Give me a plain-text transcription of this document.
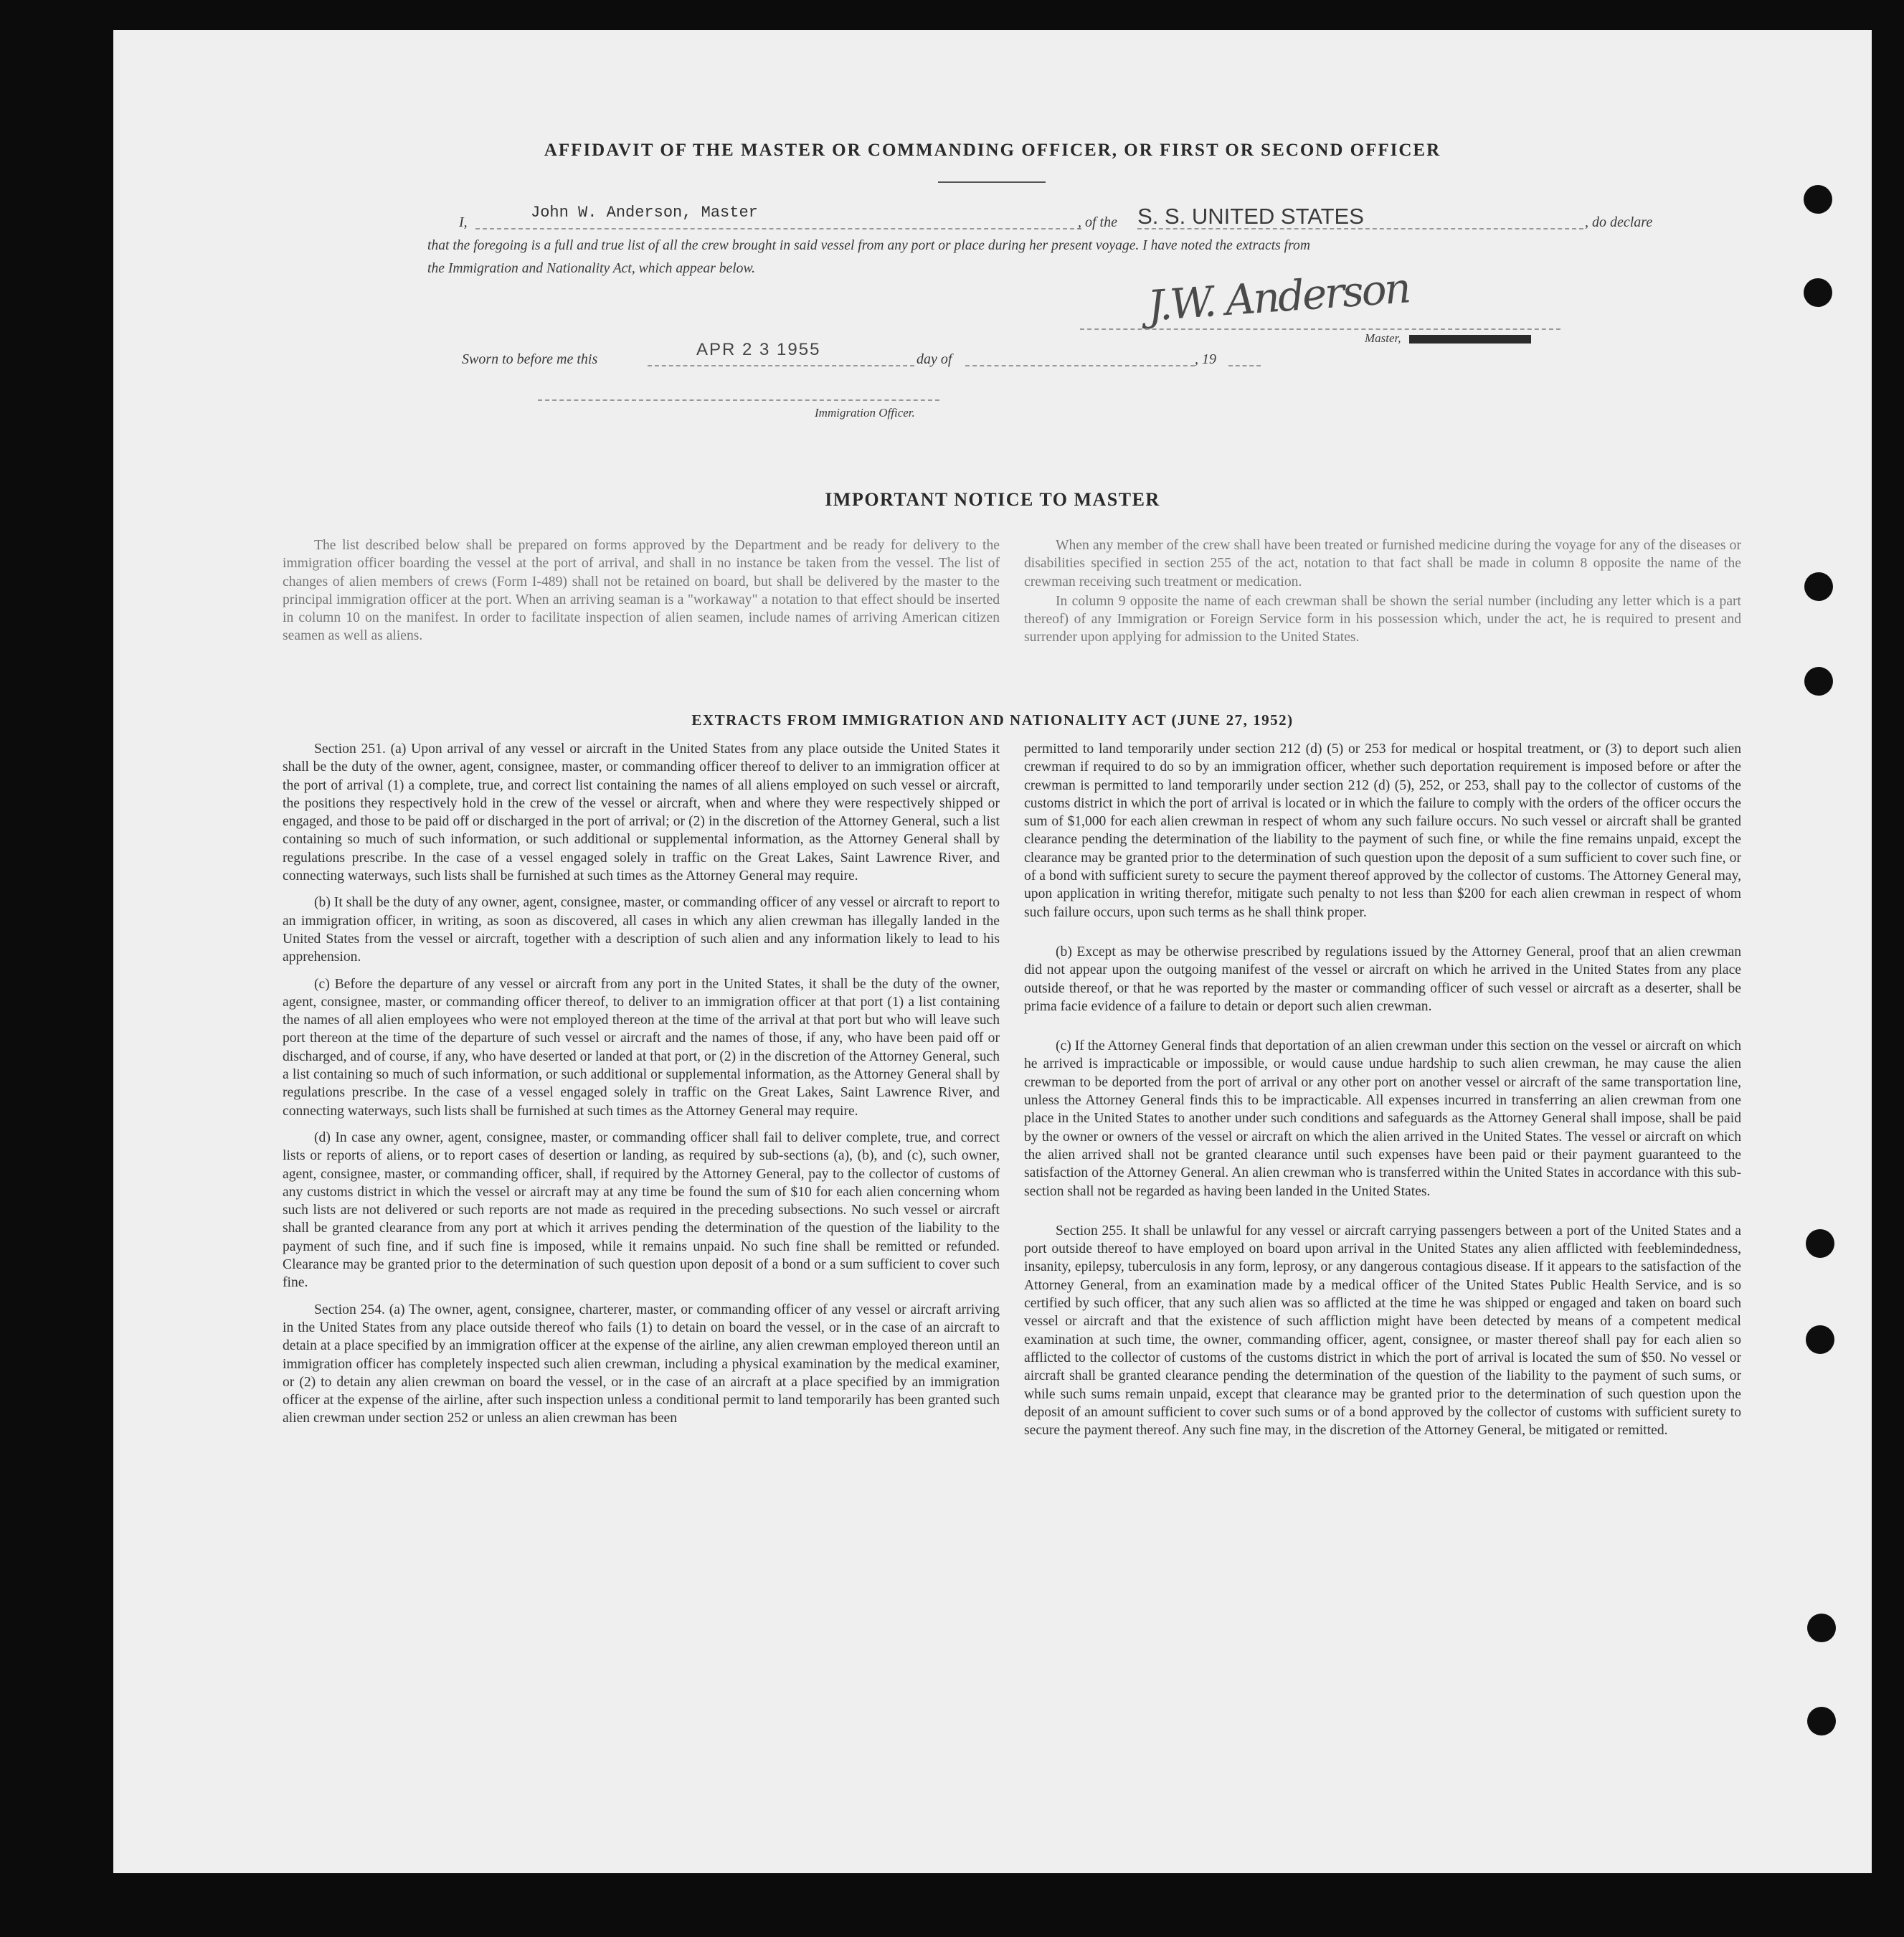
AFFIDAVIT OF THE MASTER OR COMMANDING OFFICER, OR FIRST OR SECOND OFFICER
I,
John W. Anderson, Master
, of the S. S. UNITED STATES	, do declare
that the foregoing is a full and true list of all the crew brought in said vessel from any port or place during her present voyage. I have noted the extracts from
the Immigration and Nationality Act, which appear below.	J.W. Anderson
Master,
Sworn to before me this	APR 2 3 1955	day of	, 19
Immigration Officer.
IMPORTANT NOTICE TO MASTER

The list described below shall be prepared on forms approved by the Department and be ready for delivery to the immigration officer boarding the vessel at the port of arrival, and shall in no instance be taken from the vessel. The list of changes of alien members of crews (Form I-489) shall not be retained on board, but shall be delivered by the master to the principal immigration officer at the port. When an arriving seaman is a "workaway" a notation to that effect should be inserted in column 10 on the manifest. In order to facilitate inspection of alien seamen, include names of arriving American citizen seamen as well as aliens.

When any member of the crew shall have been treated or furnished medicine during the voyage for any of the diseases or disabilities specified in section 255 of the act, notation to that fact shall be made in column 8 opposite the name of the crewman receiving such treatment or medication.

In column 9 opposite the name of each crewman shall be shown the serial number (including any letter which is a part thereof) of any Immigration or Foreign Service form in his possession which, under the act, he is required to present and surrender upon applying for admission to the United States.

EXTRACTS FROM IMMIGRATION AND NATIONALITY ACT (JUNE 27, 1952)

Section 251. (a) Upon arrival of any vessel or aircraft in the United States from any place outside the United States it shall be the duty of the owner, agent, consignee, master, or commanding officer thereof to deliver to an immigration officer at the port of arrival (1) a complete, true, and correct list containing the names of all aliens employed on such vessel or aircraft, the positions they respectively hold in the crew of the vessel or aircraft, when and where they were respectively shipped or engaged, and those to be paid off or discharged in the port of arrival; or (2) in the discretion of the Attorney General, such a list containing so much of such information, or such additional or supplemental information, as the Attorney General shall by regulations prescribe. In the case of a vessel engaged solely in traffic on the Great Lakes, Saint Lawrence River, and connecting waterways, such lists shall be furnished at such times as the Attorney General may require.

(b) It shall be the duty of any owner, agent, consignee, master, or commanding officer of any vessel or aircraft to report to an immigration officer, in writing, as soon as discovered, all cases in which any alien crewman has illegally landed in the United States from the vessel or aircraft, together with a description of such alien and any information likely to lead to his apprehension.

(c) Before the departure of any vessel or aircraft from any port in the United States, it shall be the duty of the owner, agent, consignee, master, or commanding officer thereof, to deliver to an immigration officer at that port (1) a list containing the names of all alien employees who were not employed thereon at the time of the arrival at that port but who will leave such port thereon at the time of the departure of such vessel or aircraft and the names of those, if any, who have been paid off or discharged, and of course, if any, who have deserted or landed at that port, or (2) in the discretion of the Attorney General, such a list containing so much of such information, or such additional or supplemental information, as the Attorney General shall by regulations prescribe. In the case of a vessel engaged solely in traffic on the Great Lakes, Saint Lawrence River, and connecting waterways, such lists shall be furnished at such times as the Attorney General may require.

(d) In case any owner, agent, consignee, master, or commanding officer shall fail to deliver complete, true, and correct lists or reports of aliens, or to report cases of desertion or landing, as required by sub-sections (a), (b), and (c), such owner, agent, consignee, master, or commanding officer, shall, if required by the Attorney General, pay to the collector of customs of any customs district in which the vessel or aircraft may at any time be found the sum of $10 for each alien concerning whom such lists are not delivered or such reports are not made as required in the preceding subsections. No such vessel or aircraft shall be granted clearance from any port at which it arrives pending the determination of the question of the liability to the payment of such fine, and if such fine is imposed, while it remains unpaid. No such fine shall be remitted or refunded. Clearance may be granted prior to the determination of such question upon deposit of a bond or a sum sufficient to cover such fine.

Section 254. (a) The owner, agent, consignee, charterer, master, or commanding officer of any vessel or aircraft arriving in the United States from any place outside thereof who fails (1) to detain on board the vessel, or in the case of an aircraft to detain at a place specified by an immigration officer at the expense of the airline, any alien crewman employed thereon until an immigration officer has completely inspected such alien crewman, including a physical examination by the medical examiner, or (2) to detain any alien crewman on board the vessel, or in the case of an aircraft at a place specified by an immigration officer at the expense of the airline, after such inspection unless a conditional permit to land temporarily has been granted such alien crewman under section 252 or unless an alien crewman has been

permitted to land temporarily under section 212 (d) (5) or 253 for medical or hospital treatment, or (3) to deport such alien crewman if required to do so by an immigration officer, whether such deportation requirement is imposed before or after the crewman is permitted to land temporarily under section 212 (d) (5), 252, or 253, shall pay to the collector of customs of the customs district in which the port of arrival is located or in which the failure to comply with the orders of the officer occurs the sum of $1,000 for each alien crewman in respect of whom any such failure occurs. No such vessel or aircraft shall be granted clearance pending the determination of the liability to the payment of such fine, or while the fine remains unpaid, except the clearance may be granted prior to the determination of such question upon the deposit of a sum sufficient to cover such fine, or of a bond with sufficient surety to secure the payment thereof approved by the collector of customs. The Attorney General may, upon application in writing therefor, mitigate such penalty to not less than $200 for each alien crewman in respect of whom such failure occurs, upon such terms as he shall think proper.

(b) Except as may be otherwise prescribed by regulations issued by the Attorney General, proof that an alien crewman did not appear upon the outgoing manifest of the vessel or aircraft on which he arrived in the United States from any place outside thereof, or that he was reported by the master or commanding officer of such vessel or aircraft as a deserter, shall be prima facie evidence of a failure to detain or deport such alien crewman.

(c) If the Attorney General finds that deportation of an alien crewman under this section on the vessel or aircraft on which he arrived is impracticable or impossible, or would cause undue hardship to such alien crewman, he may cause the alien crewman to be deported from the port of arrival or any other port on another vessel or aircraft of the same transportation line, unless the Attorney General finds this to be impracticable. All expenses incurred in transferring an alien crewman from one place in the United States to another under such conditions and safeguards as the Attorney General shall impose, shall be paid by the owner or owners of the vessel or aircraft on which the alien arrived in the United States. The vessel or aircraft on which the alien arrived shall not be granted clearance until such expenses have been paid or their payment guaranteed to the satisfaction of the Attorney General. An alien crewman who is transferred within the United States in accordance with this sub-section shall not be regarded as having been landed in the United States.

Section 255. It shall be unlawful for any vessel or aircraft carrying passengers between a port of the United States and a port outside thereof to have employed on board upon arrival in the United States any alien afflicted with feeblemindedness, insanity, epilepsy, tuberculosis in any form, leprosy, or any dangerous contagious disease. If it appears to the satisfaction of the Attorney General, from an examination made by a medical officer of the United States Public Health Service, and is so certified by such officer, that any such alien was so afflicted at the time he was shipped or engaged and taken on board such vessel or aircraft and that the existence of such affliction might have been detected by means of a competent medical examination at such time, the owner, commanding officer, agent, consignee, or master thereof shall pay for each alien so afflicted to the collector of customs of the customs district in which the port of arrival is located the sum of $50. No vessel or aircraft shall be granted clearance pending the determination of the question of the liability to the payment of such sums, or while such sums remain unpaid, except that clearance may be granted prior to the determination of such question upon the deposit of an amount sufficient to cover such sums or of a bond approved by the collector of customs with sufficient surety to secure the payment thereof. Any such fine may, in the discretion of the Attorney General, be mitigated or remitted.
